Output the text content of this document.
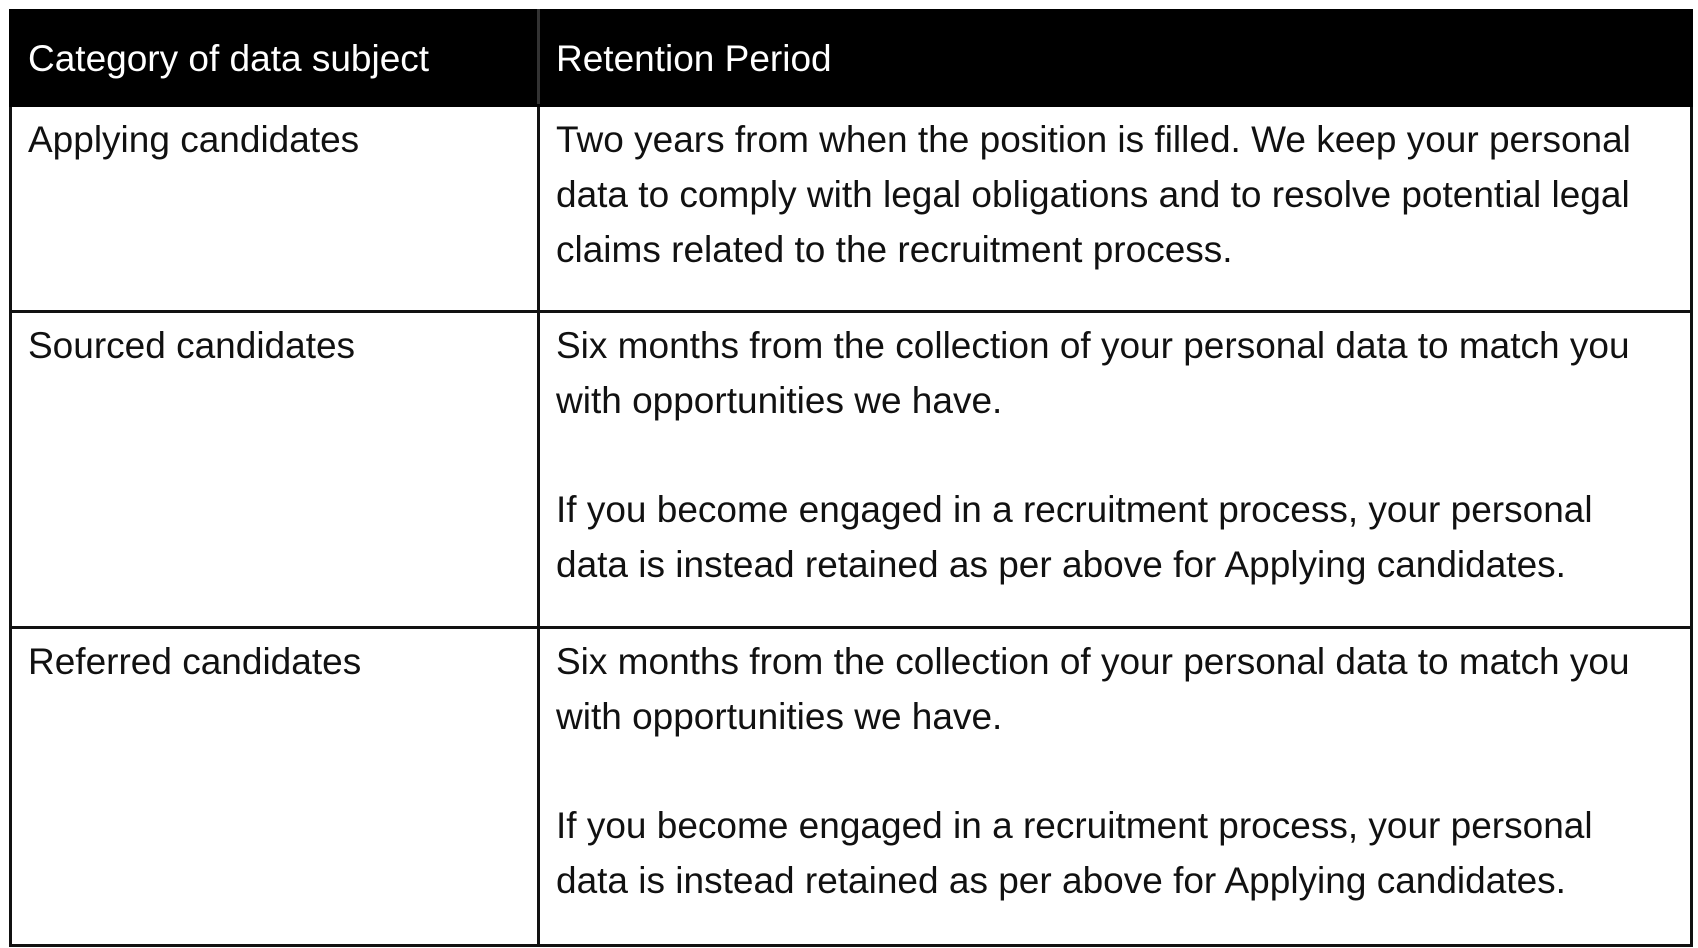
Category of data subject	Retention Period
Applying candidates	Two years from when the position is filled. We keep your personal data to comply with legal obligations and to resolve potential legal claims related to the recruitment process.

Sourced candidates	Six months from the collection of your personal data to match you with opportunities we have.
If you become engaged in a recruitment process, your personal data is instead retained as per above for Applying candidates.

Referred candidates	Six months from the collection of your personal data to match you with opportunities we have.
If you become engaged in a recruitment process, your personal data is instead retained as per above for Applying candidates.
